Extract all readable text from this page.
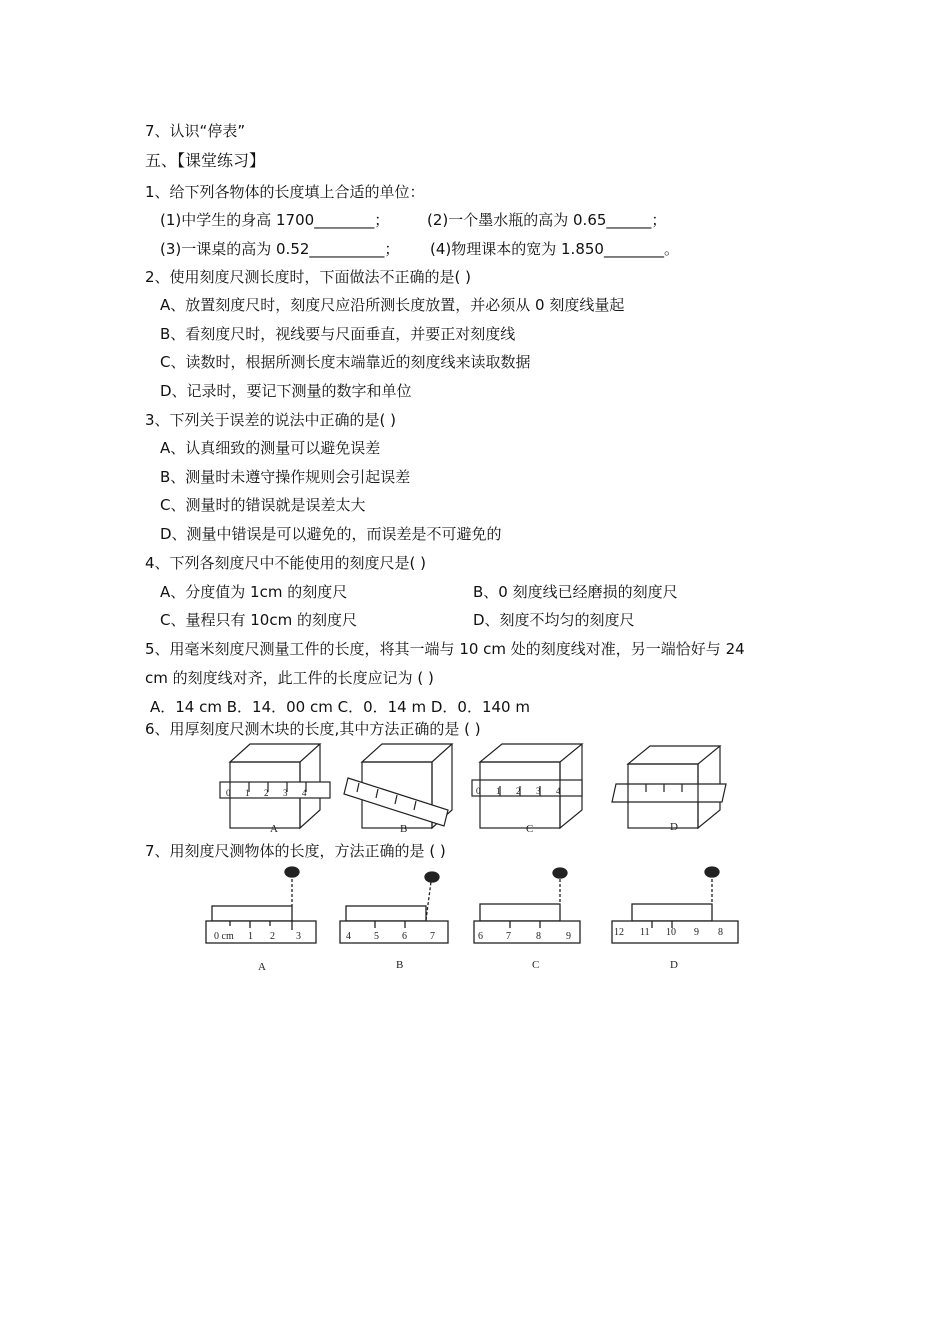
7、认识“停表”
五、【课堂练习】
1、给下列各物体的长度填上合适的单位：
(1)中学生的身高 1700________；	(2)一个墨水瓶的高为 0.65______；
(3)一课桌的高为 0.52__________； (4)物理课本的宽为 1.850________。
2、使用刻度尺测长度时，下面做法不正确的是( )
A、放置刻度尺时，刻度尺应沿所测长度放置，并必须从 0 刻度线量起
B、看刻度尺时，视线要与尺面垂直，并要正对刻度线
C、读数时，根据所测长度末端靠近的刻度线来读取数据
D、记录时，要记下测量的数字和单位
3、下列关于误差的说法中正确的是( )
A、认真细致的测量可以避免误差
B、测量时未遵守操作规则会引起误差
C、测量时的错误就是误差太大
D、测量中错误是可以避免的，而误差是不可避免的
4、下列各刻度尺中不能使用的刻度尺是( )
A、分度值为 1cm 的刻度尺	B、0 刻度线已经磨损的刻度尺
C、量程只有 10cm 的刻度尺	D、刻度不均匀的刻度尺
5、用毫米刻度尺测量工件的长度，将其一端与 10 cm 处的刻度线对准，另一端恰好与 24
cm 的刻度线对齐，此工件的长度应记为 ( )
A．14 cm B．14．00 cm C．0．14 m D．0．140 m
6、用厚刻度尺测木块的长度,其中方法正确的是 ( )
0 1 2 3 4	0 1 2 3 4
A	B	C	D
7、用刻度尺测物体的长度，方法正确的是 ( )
0 cm 1 2 3	4 5 6 7	6 7	8	9	12 11 10 9 8
A	B	C	D
